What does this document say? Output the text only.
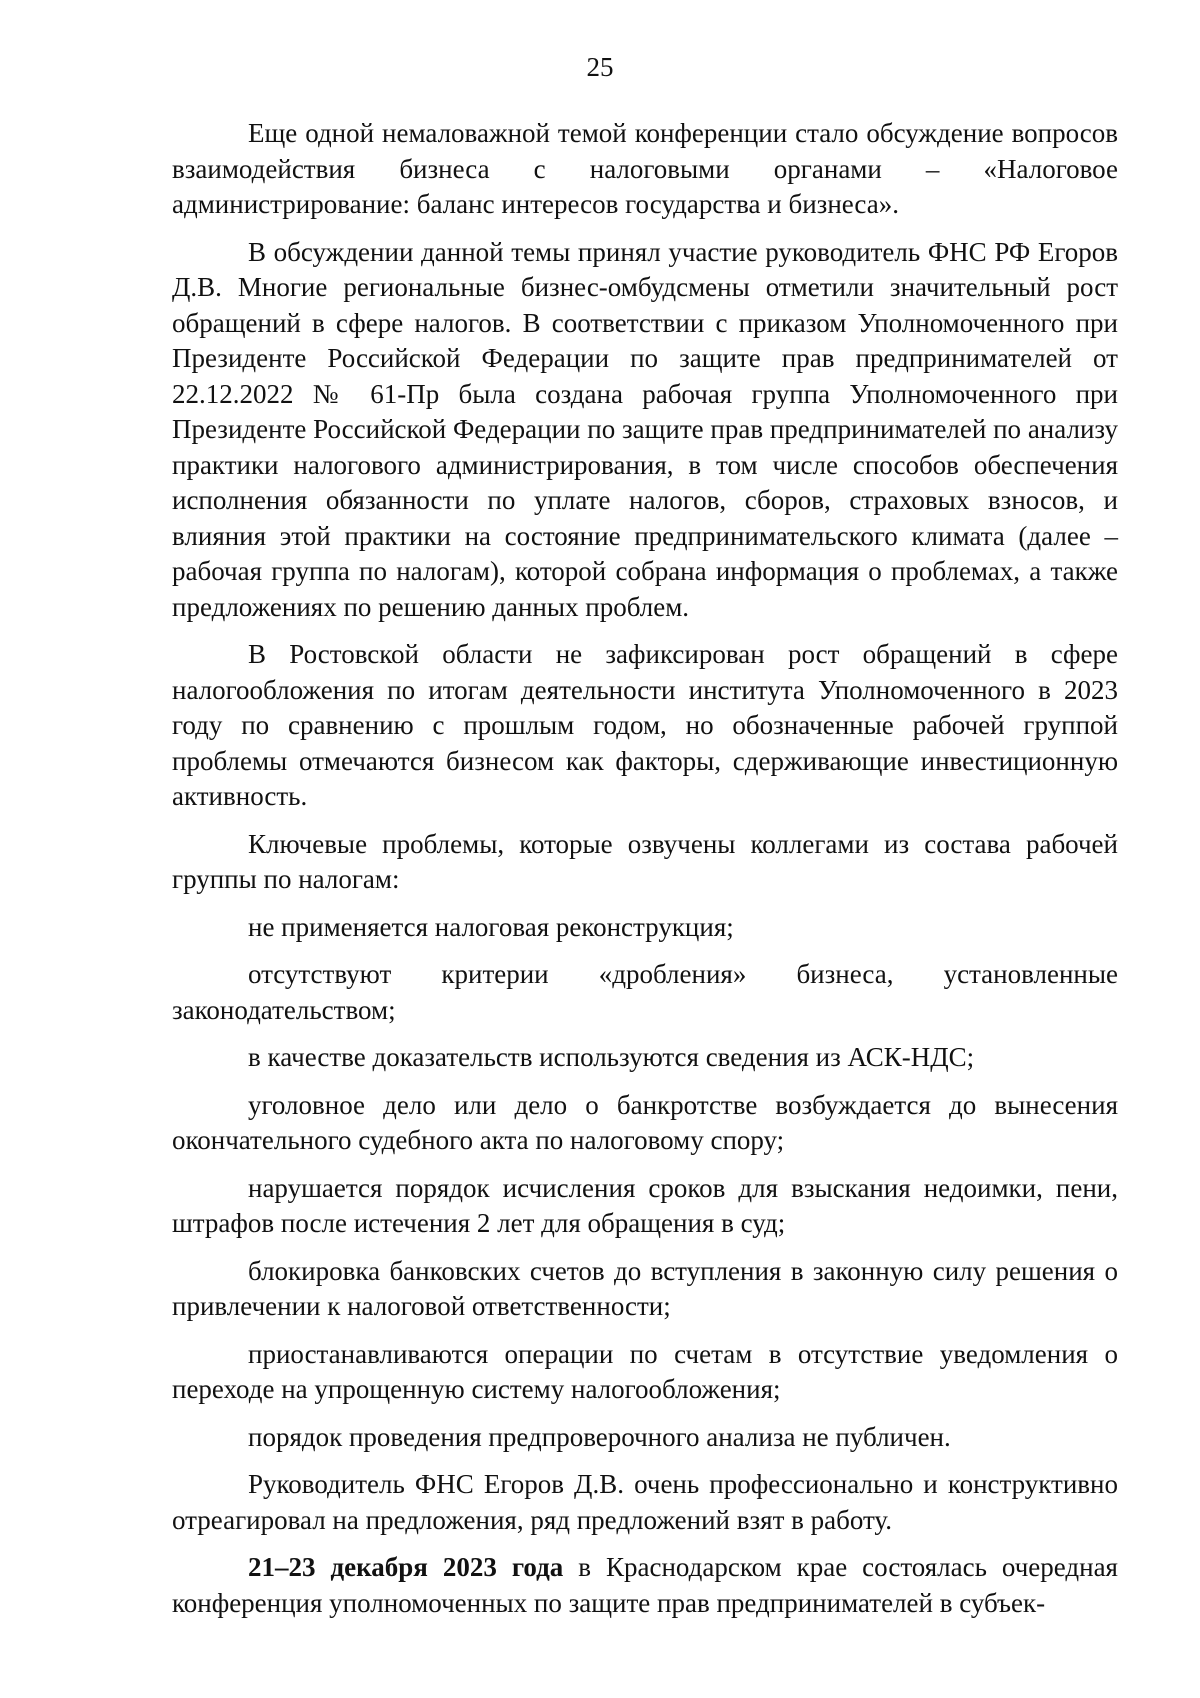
25

Еще одной немаловажной темой конференции стало обсуждение вопросов взаимодействия бизнеса с налоговыми органами – «Налоговое администрирование: баланс интересов государства и бизнеса».

В обсуждении данной темы принял участие руководитель ФНС РФ Егоров Д.В. Многие региональные бизнес-омбудсмены отметили значительный рост обращений в сфере налогов. В соответствии с приказом Уполномоченного при Президенте Российской Федерации по защите прав предпринимателей от 22.12.2022 № 61-Пр была создана рабочая группа Уполномоченного при Президенте Российской Федерации по защите прав предпринимателей по анализу практики налогового администрирования, в том числе способов обеспечения исполнения обязанности по уплате налогов, сборов, страховых взносов, и влияния этой практики на состояние предпринимательского климата (далее – рабочая группа по налогам), которой собрана информация о проблемах, а также предложениях по решению данных проблем.

В Ростовской области не зафиксирован рост обращений в сфере налогообложения по итогам деятельности института Уполномоченного в 2023 году по сравнению с прошлым годом, но обозначенные рабочей группой проблемы отмечаются бизнесом как факторы, сдерживающие инвестиционную активность.

Ключевые проблемы, которые озвучены коллегами из состава рабочей группы по налогам:

не применяется налоговая реконструкция;

отсутствуют критерии «дробления» бизнеса, установленные законодательством;

в качестве доказательств используются сведения из АСК-НДС;

уголовное дело или дело о банкротстве возбуждается до вынесения окончательного судебного акта по налоговому спору;

нарушается порядок исчисления сроков для взыскания недоимки, пени, штрафов после истечения 2 лет для обращения в суд;

блокировка банковских счетов до вступления в законную силу решения о привлечении к налоговой ответственности;

приостанавливаются операции по счетам в отсутствие уведомления о переходе на упрощенную систему налогообложения;

порядок проведения предпроверочного анализа не публичен.

Руководитель ФНС Егоров Д.В. очень профессионально и конструктивно отреагировал на предложения, ряд предложений взят в работу.

21–23 декабря 2023 года в Краснодарском крае состоялась очередная конференция уполномоченных по защите прав предпринимателей в субъек-
